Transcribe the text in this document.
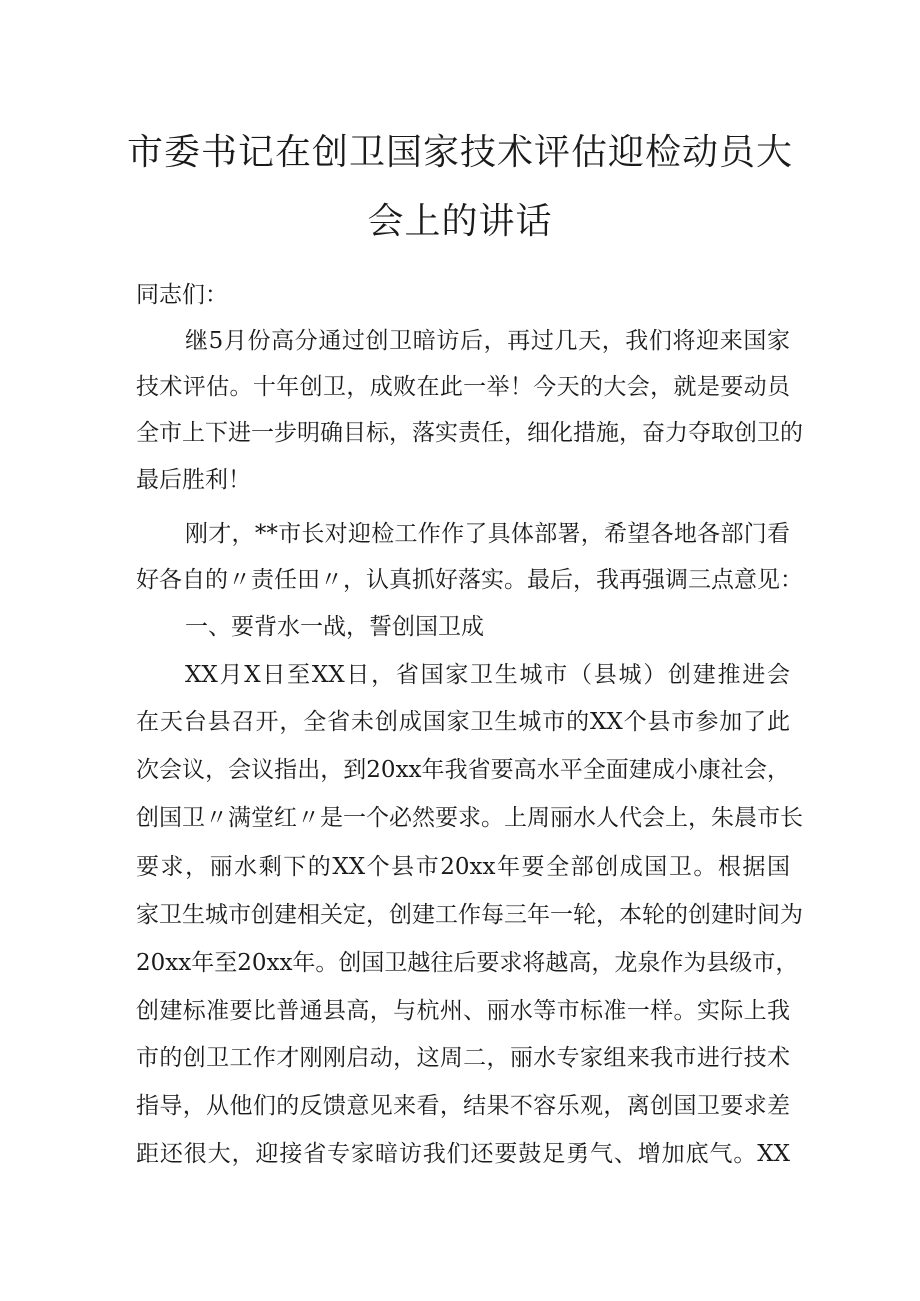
市委书记在创卫国家技术评估迎检动员大
会上的讲话
同志们：
继5月份高分通过创卫暗访后，再过几天，我们将迎来国家
技术评估。十年创卫，成败在此一举！今天的大会，就是要动员
全市上下进一步明确目标，落实责任，细化措施，奋力夺取创卫的
最后胜利！
刚才，**市长对迎检工作作了具体部署，希望各地各部门看
好各自的〃责任田〃，认真抓好落实。最后，我再强调三点意见：
一、要背水一战，誓创国卫成
XX月X日至XX日，省国家卫生城市（县城）创建推进会
在天台县召开，全省未创成国家卫生城市的XX个县市参加了此
次会议，会议指出，到20xx年我省要高水平全面建成小康社会，
创国卫〃满堂红〃是一个必然要求。上周丽水人代会上，朱晨市长
要求，丽水剩下的XX个县市20xx年要全部创成国卫。根据国
家卫生城市创建相关定，创建工作每三年一轮，本轮的创建时间为
20xx年至20xx年。创国卫越往后要求将越高，龙泉作为县级市，
创建标准要比普通县高，与杭州、丽水等市标准一样。实际上我
市的创卫工作才刚刚启动，这周二，丽水专家组来我市进行技术
指导，从他们的反馈意见来看，结果不容乐观，离创国卫要求差
距还很大，迎接省专家暗访我们还要鼓足勇气、增加底气。XX
